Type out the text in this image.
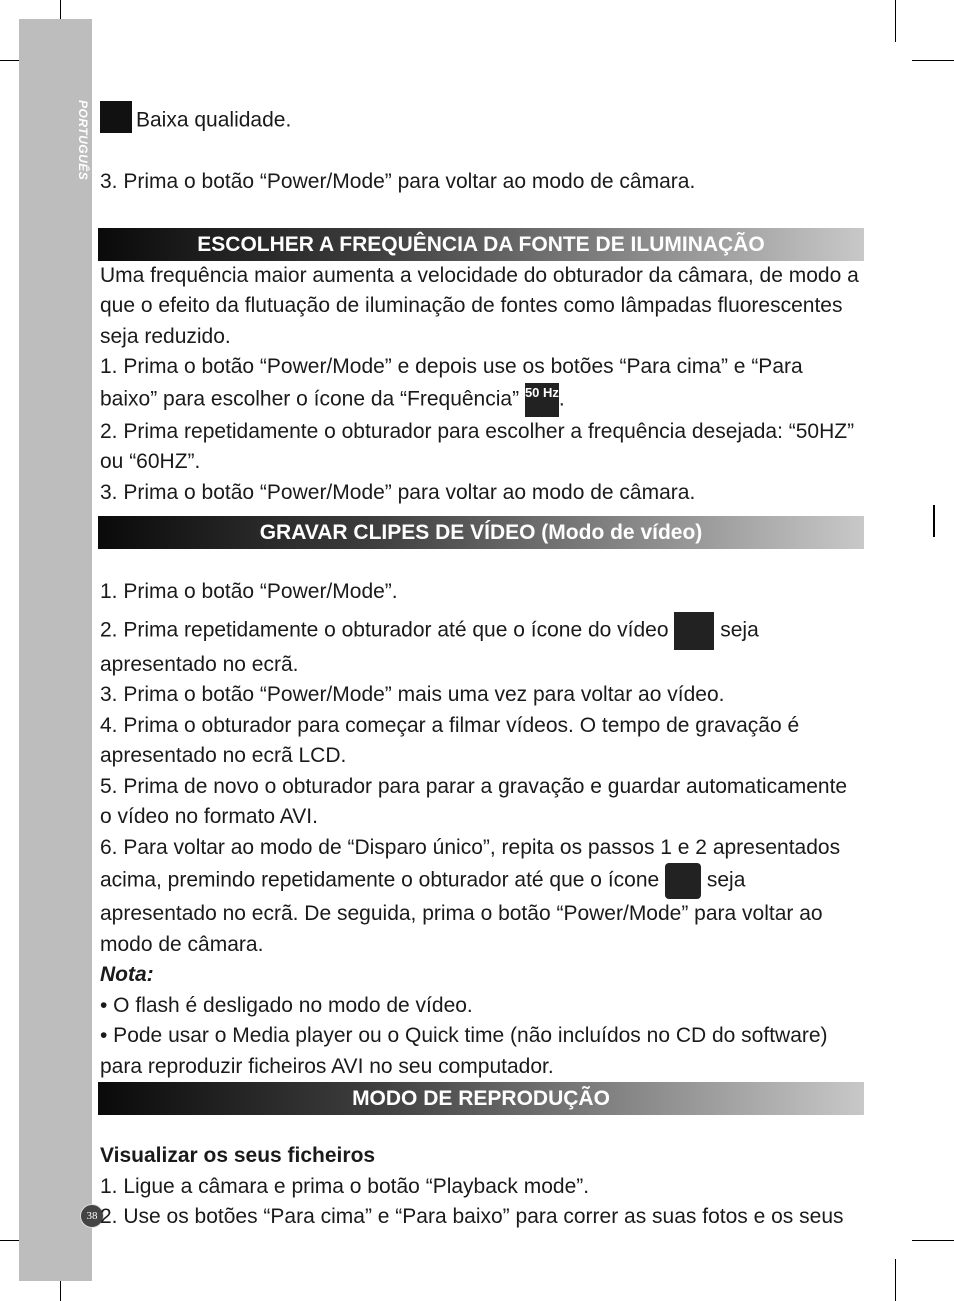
PORTUGUÊS
38

Baixa qualidade.

3. Prima o botão “Power/Mode” para voltar ao modo de câmara.

ESCOLHER A FREQUÊNCIA DA FONTE DE ILUMINAÇÃO

Uma frequência maior aumenta a velocidade do obturador da câmara, de modo a que o efeito da flutuação de iluminação de fontes como lâmpadas fluorescentes seja reduzido.

1. Prima o botão “Power/Mode” e depois use os botões “Para cima” e “Para baixo” para escolher o ícone da “Frequência” 50 Hz.

2. Prima repetidamente o obturador para escolher a frequência desejada: “50HZ” ou “60HZ”.

3. Prima o botão “Power/Mode” para voltar ao modo de câmara.

GRAVAR CLIPES DE VÍDEO (Modo de vídeo)

1. Prima o botão “Power/Mode”.

2. Prima repetidamente o obturador até que o ícone do vídeo seja apresentado no ecrã.

3. Prima o botão “Power/Mode” mais uma vez para voltar ao vídeo.

4. Prima o obturador para começar a filmar vídeos. O tempo de gravação é apresentado no ecrã LCD.

5. Prima de novo o obturador para parar a gravação e guardar automaticamente o vídeo no formato AVI.

6. Para voltar ao modo de “Disparo único”, repita os passos 1 e 2 apresentados acima, premindo repetidamente o obturador até que o ícone seja apresentado no ecrã. De seguida, prima o botão “Power/Mode” para voltar ao modo de câmara.

Nota:

• O flash é desligado no modo de vídeo.

• Pode usar o Media player ou o Quick time (não incluídos no CD do software) para reproduzir ficheiros AVI no seu computador.

MODO DE REPRODUÇÃO

Visualizar os seus ficheiros

1. Ligue a câmara e prima o botão “Playback mode”.

2. Use os botões “Para cima” e “Para baixo” para correr as suas fotos e os seus
